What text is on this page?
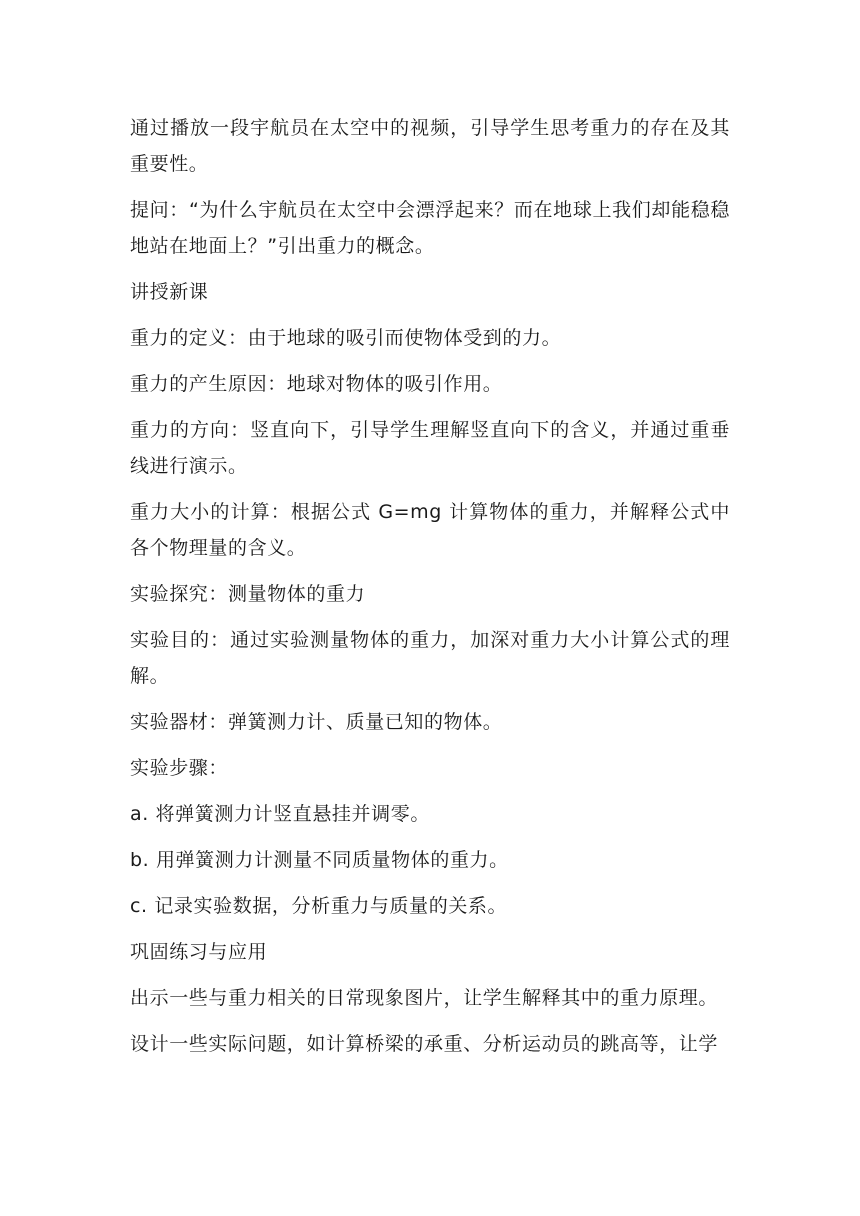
通过播放一段宇航员在太空中的视频，引导学生思考重力的存在及其重要性。

提问：“为什么宇航员在太空中会漂浮起来？而在地球上我们却能稳稳地站在地面上？”引出重力的概念。

讲授新课

重力的定义：由于地球的吸引而使物体受到的力。

重力的产生原因：地球对物体的吸引作用。

重力的方向：竖直向下，引导学生理解竖直向下的含义，并通过重垂线进行演示。

重力大小的计算：根据公式 G=mg 计算物体的重力，并解释公式中各个物理量的含义。

实验探究：测量物体的重力

实验目的：通过实验测量物体的重力，加深对重力大小计算公式的理解。

实验器材：弹簧测力计、质量已知的物体。

实验步骤：

a. 将弹簧测力计竖直悬挂并调零。

b. 用弹簧测力计测量不同质量物体的重力。

c. 记录实验数据，分析重力与质量的关系。

巩固练习与应用

出示一些与重力相关的日常现象图片，让学生解释其中的重力原理。

设计一些实际问题，如计算桥梁的承重、分析运动员的跳高等，让学
